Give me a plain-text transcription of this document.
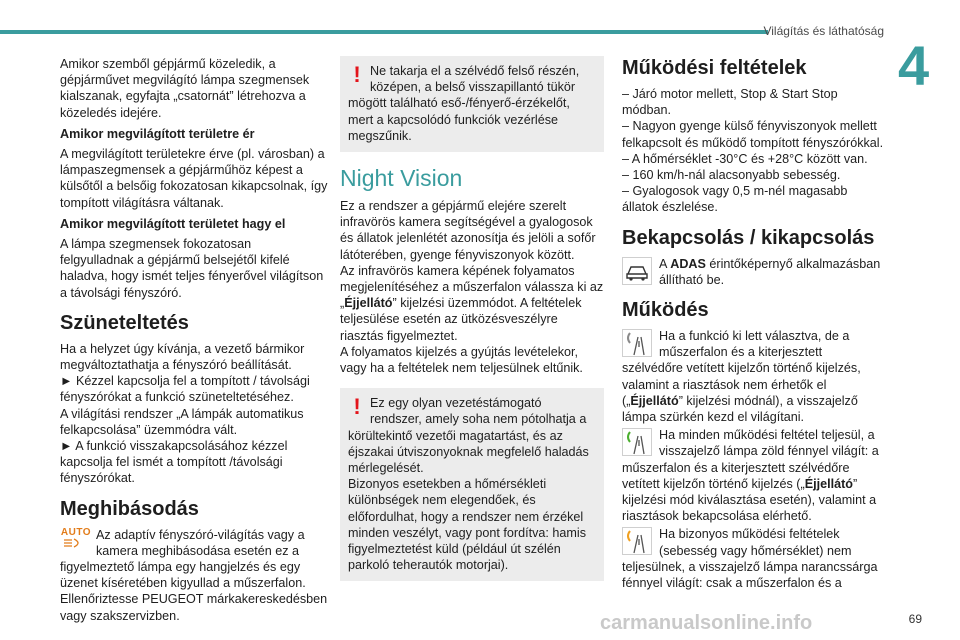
Világítás és láthatóság
4

Amikor szemből gépjármű közeledik, a gépjárművet megvilágító lámpa szegmensek kialszanak, egyfajta „csatornát” létrehozva a közeledés idejére.

Amikor megvilágított területre ér

A megvilágított területekre érve (pl. városban) a lámpaszegmensek a gépjárműhöz képest a külsőtől a belsőig fokozatosan kikapcsolnak, így tompított világításra váltanak.

Amikor megvilágított területet hagy el

A lámpa szegmensek fokozatosan felgyulladnak a gépjármű belsejétől kifelé haladva, hogy ismét teljes fényerővel világítson a távolsági fényszóró.

Szüneteltetés
Ha a helyzet úgy kívánja, a vezető bármikor megváltoztathatja a fényszóró beállítását.
► Kézzel kapcsolja fel a tompított / távolsági fényszórókat a funkció szüneteltetéséhez.
A világítási rendszer „A lámpák automatikus felkapcsolása” üzemmódra vált.
► A funkció visszakapcsolásához kézzel kapcsolja fel ismét a tompított /távolsági fényszórókat.
Meghibásodás
AUTO Az adaptív fényszóró-világítás vagy a kamera meghibásodása esetén ez a figyelmeztető lámpa egy hangjelzés és egy üzenet kíséretében kigyullad a műszerfalon. Ellenőriztesse PEUGEOT márkakereskedésben vagy szakszervizben.
! Ne takarja el a szélvédő felső részén, középen, a belső visszapillantó tükör mögött található eső-/fényerő-érzékelőt, mert a kapcsolódó funkciók vezérlése megszűnik.
Night Vision
Ez a rendszer a gépjármű elejére szerelt infravörös kamera segítségével a gyalogosok és állatok jelenlétét azonosítja és jelöli a sofőr látóterében, gyenge fényviszonyok között.
Az infravörös kamera képének folyamatos megjelenítéséhez a műszerfalon válassza ki az „Éjjellátó” kijelzési üzemmódot. A feltételek teljesülése esetén az ütközésveszélyre riasztás figyelmeztet.

A folyamatos kijelzés a gyújtás levételekor, vagy ha a feltételek nem teljesülnek eltűnik.

! Ez egy olyan vezetéstámogató rendszer, amely soha nem pótolhatja a körültekintő vezetői magatartást, és az éjszakai útviszonyoknak megfelelő haladás mérlegelését.
Bizonyos esetekben a hőmérsékleti különbségek nem elegendőek, és előfordulhat, hogy a rendszer nem érzékel minden veszélyt, vagy pont fordítva: hamis figyelmeztetést küld (például út szélén parkoló teherautók motorjai).
Működési feltételek
– Járó motor mellett, Stop & Start Stop módban.
– Nagyon gyenge külső fényviszonyok mellett felkapcsolt és működő tompított fényszórókkal.
– A hőmérséklet -30°C és +28°C között van.
– 160 km/h-nál alacsonyabb sebesség.
– Gyalogosok vagy 0,5 m-nél magasabb állatok észlelése.
Bekapcsolás / kikapcsolás
A ADAS érintőképernyő alkalmazásban állítható be.
Működés
Ha a funkció ki lett választva, de a műszerfalon és a kiterjesztett szélvédőre vetített kijelzőn történő kijelzés, valamint a riasztások nem érhetők el („Éjjellátó” kijelzési módnál), a visszajelző lámpa szürkén kezd el világítani.
Ha minden működési feltétel teljesül, a visszajelző lámpa zöld fénnyel világít: a műszerfalon és a kiterjesztett szélvédőre vetített kijelzőn történő kijelzés („Éjjellátó” kijelzési mód kiválasztása esetén), valamint a riasztások bekapcsolása elérhető.
Ha bizonyos működési feltételek (sebesség vagy hőmérséklet) nem teljesülnek, a visszajelző lámpa narancssárga fénnyel világít: csak a műszerfalon és a
carmanualsonline.info	69
